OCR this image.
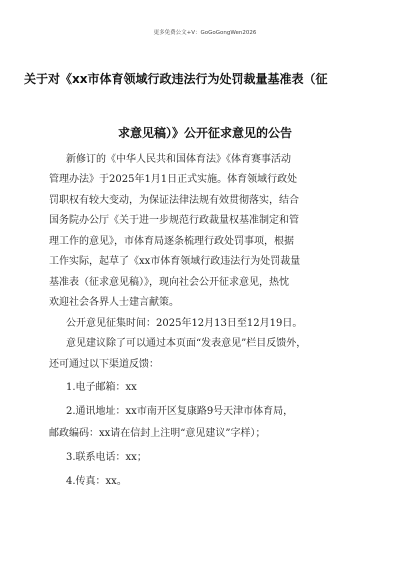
更多免费公文+V：GoGoGongWen2026
关于对《xx市体育领域行政违法行为处罚裁量基准表（征
求意见稿）》公开征求意见的公告
新修订的《中华人民共和国体育法》《体育赛事活动
管理办法》于2025年1月1日正式实施。体育领域行政处
罚职权有较大变动，为保证法律法规有效贯彻落实，结合
国务院办公厅《关于进一步规范行政裁量权基准制定和管
理工作的意见》，市体育局逐条梳理行政处罚事项，根据
工作实际，起草了《xx市体育领域行政违法行为处罚裁量
基准表（征求意见稿）》，现向社会公开征求意见，热忱
欢迎社会各界人士建言献策。
公开意见征集时间：2025年12月13日至12月19日。
意见建议除了可以通过本页面“发表意见”栏目反馈外，
还可通过以下渠道反馈：
1.电子邮箱：xx
2.通讯地址：xx市南开区复康路9号天津市体育局，
邮政编码：xx请在信封上注明“意见建议”字样）；
3.联系电话：xx；
4.传真：xx。
